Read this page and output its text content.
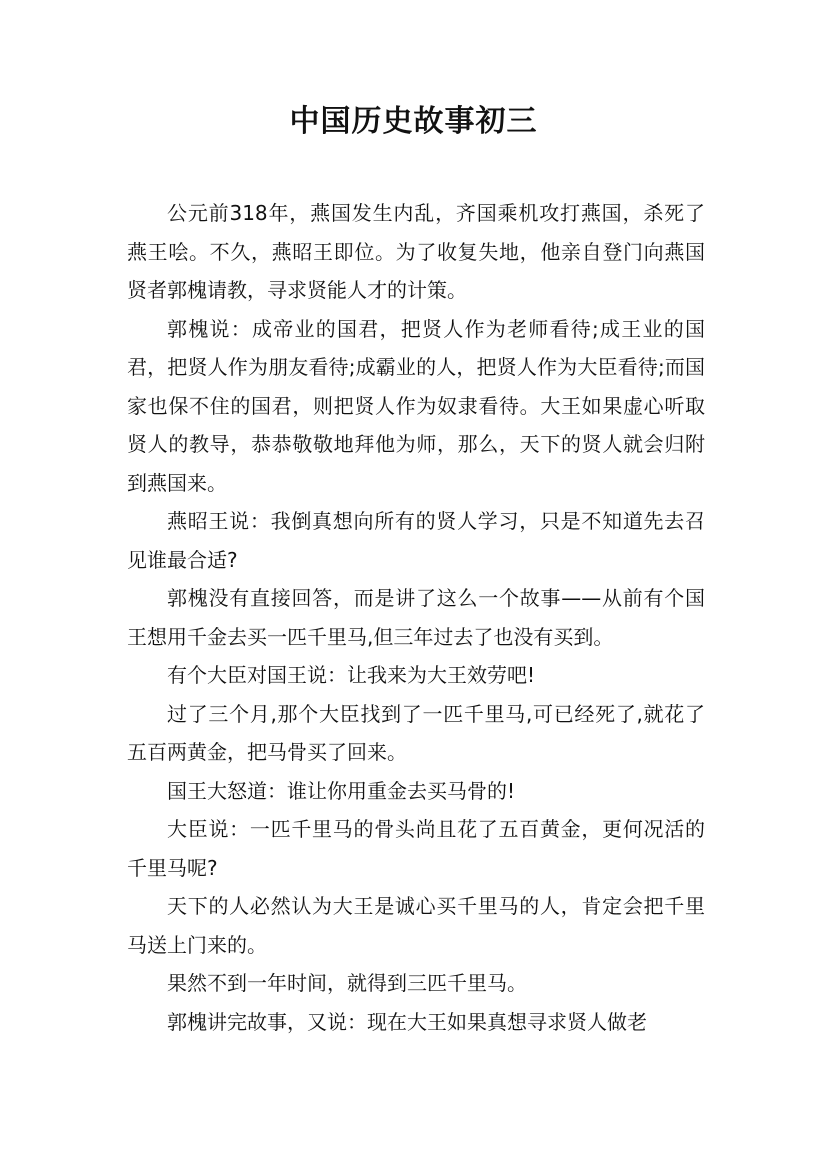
中国历史故事初三

公元前318年，燕国发生内乱，齐国乘机攻打燕国，杀死了燕王哙。不久，燕昭王即位。为了收复失地，他亲自登门向燕国贤者郭槐请教，寻求贤能人才的计策。

郭槐说：成帝业的国君，把贤人作为老师看待;成王业的国君，把贤人作为朋友看待;成霸业的人，把贤人作为大臣看待;而国家也保不住的国君，则把贤人作为奴隶看待。大王如果虚心听取贤人的教导，恭恭敬敬地拜他为师，那么，天下的贤人就会归附到燕国来。

燕昭王说：我倒真想向所有的贤人学习，只是不知道先去召见谁最合适?

郭槐没有直接回答，而是讲了这么一个故事——从前有个国王想用千金去买一匹千里马,但三年过去了也没有买到。

有个大臣对国王说：让我来为大王效劳吧!

过了三个月,那个大臣找到了一匹千里马,可已经死了,就花了五百两黄金，把马骨买了回来。

国王大怒道：谁让你用重金去买马骨的!

大臣说：一匹千里马的骨头尚且花了五百黄金，更何况活的千里马呢?

天下的人必然认为大王是诚心买千里马的人，肯定会把千里马送上门来的。

果然不到一年时间，就得到三匹千里马。

郭槐讲完故事，又说：现在大王如果真想寻求贤人做老
